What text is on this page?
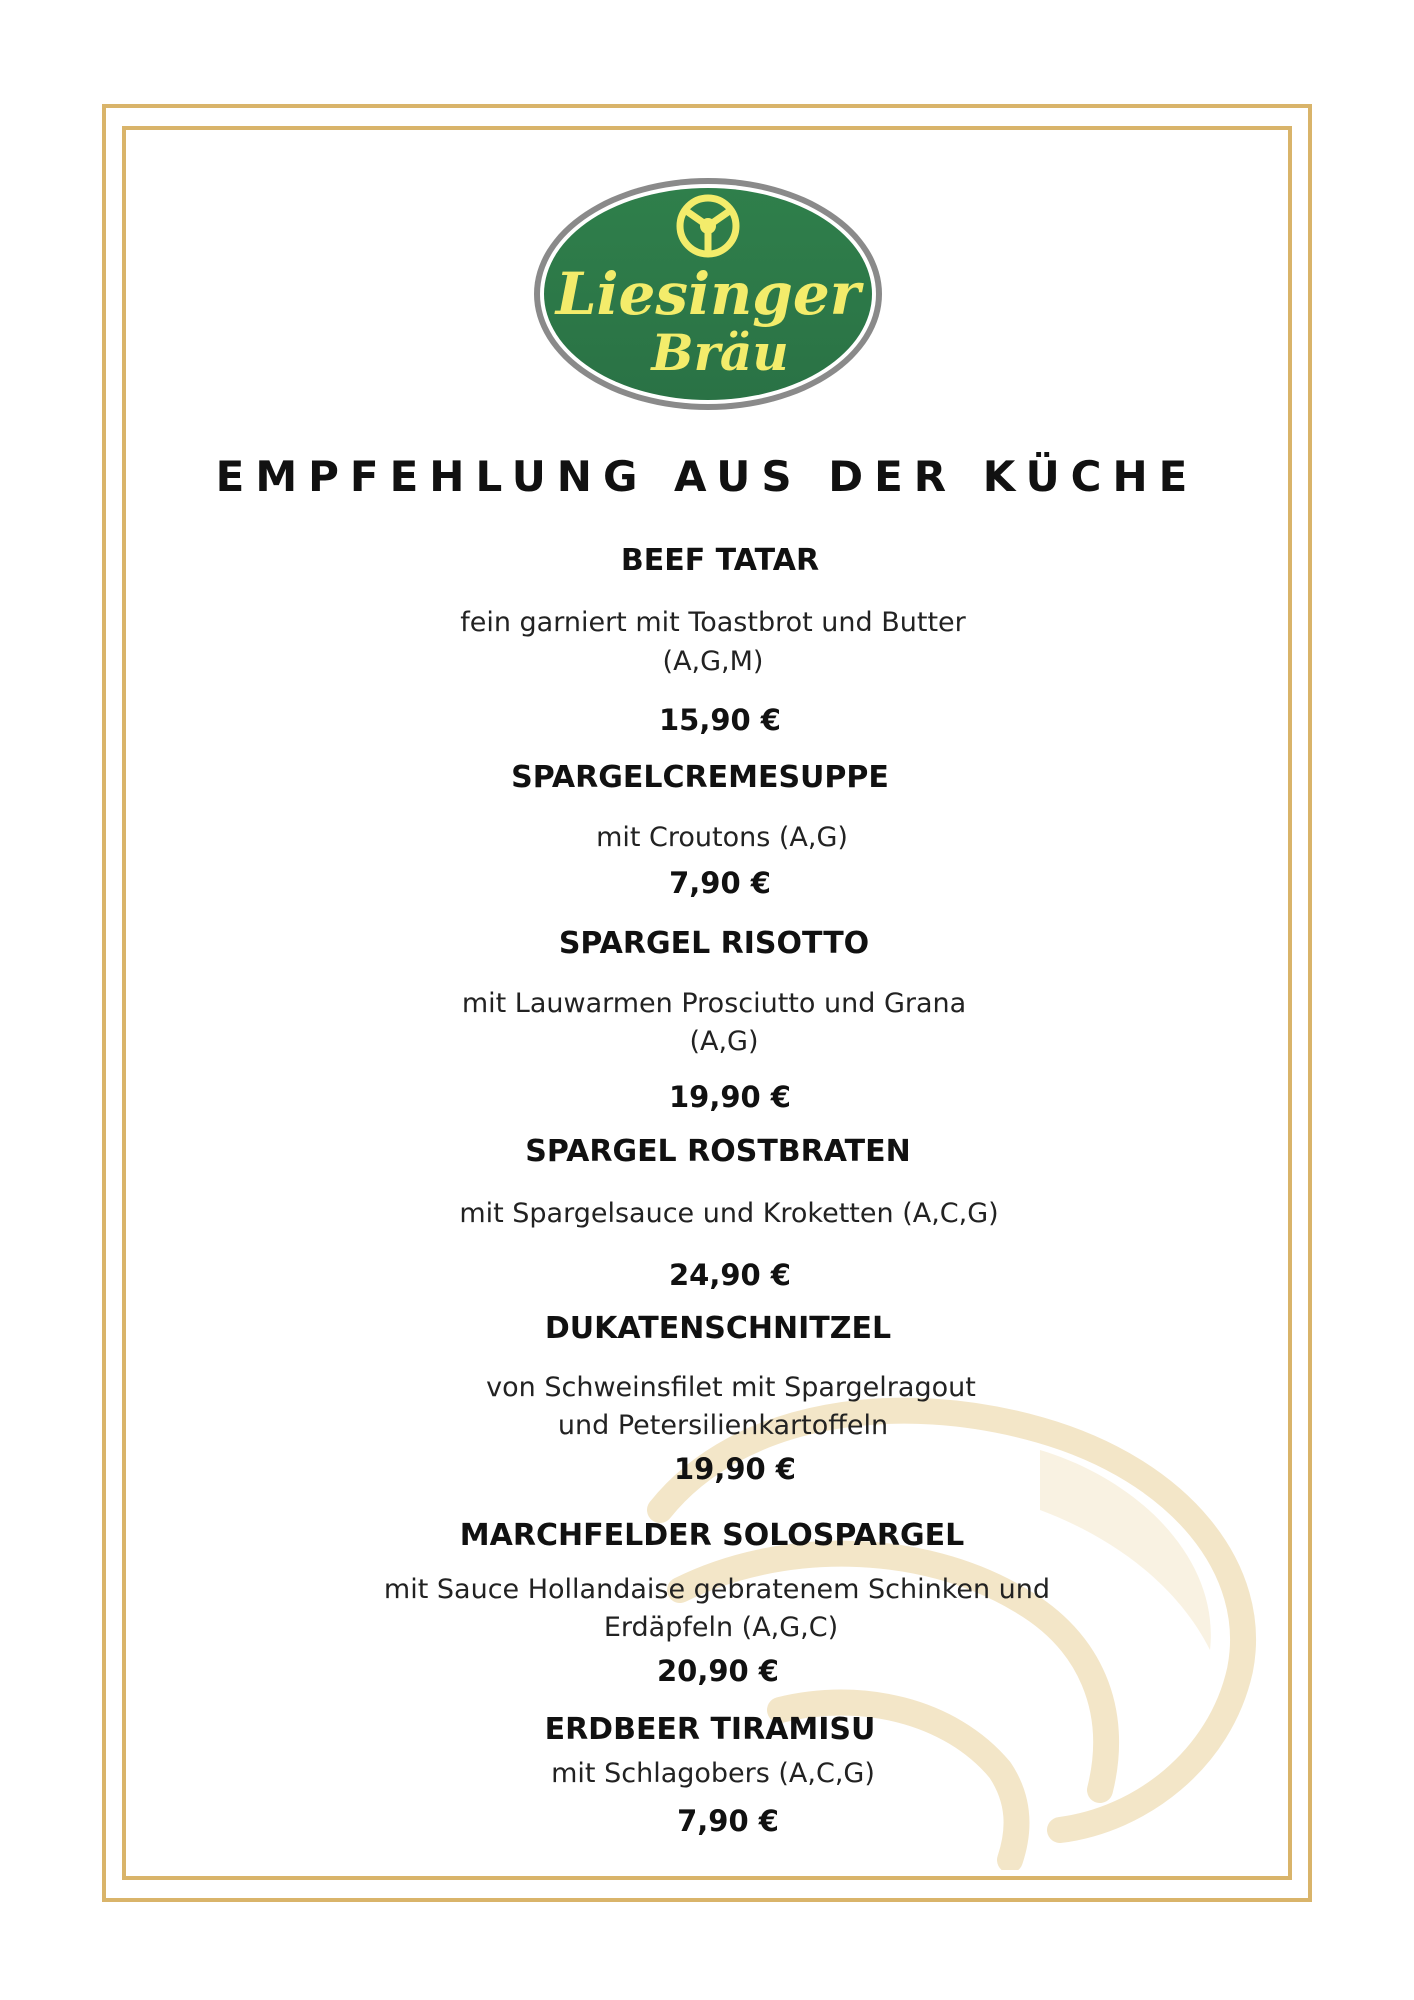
Liesinger
Bräu
EMPFEHLUNG AUS DER KÜCHE
BEEF TATAR
fein garniert mit Toastbrot und Butter
(A,G,M)
15,90 €
SPARGELCREMESUPPE
mit Croutons (A,G)
7,90 €
SPARGEL RISOTTO
mit Lauwarmen Prosciutto und Grana
(A,G)
19,90 €
SPARGEL ROSTBRATEN
mit Spargelsauce und Kroketten (A,C,G)
24,90 €
DUKATENSCHNITZEL
von Schweinsfilet mit Spargelragout
und Petersilienkartoffeln
19,90 €
MARCHFELDER SOLOSPARGEL
mit Sauce Hollandaise gebratenem Schinken und
Erdäpfeln (A,G,C)
20,90 €
ERDBEER TIRAMISU
mit Schlagobers (A,C,G)
7,90 €
